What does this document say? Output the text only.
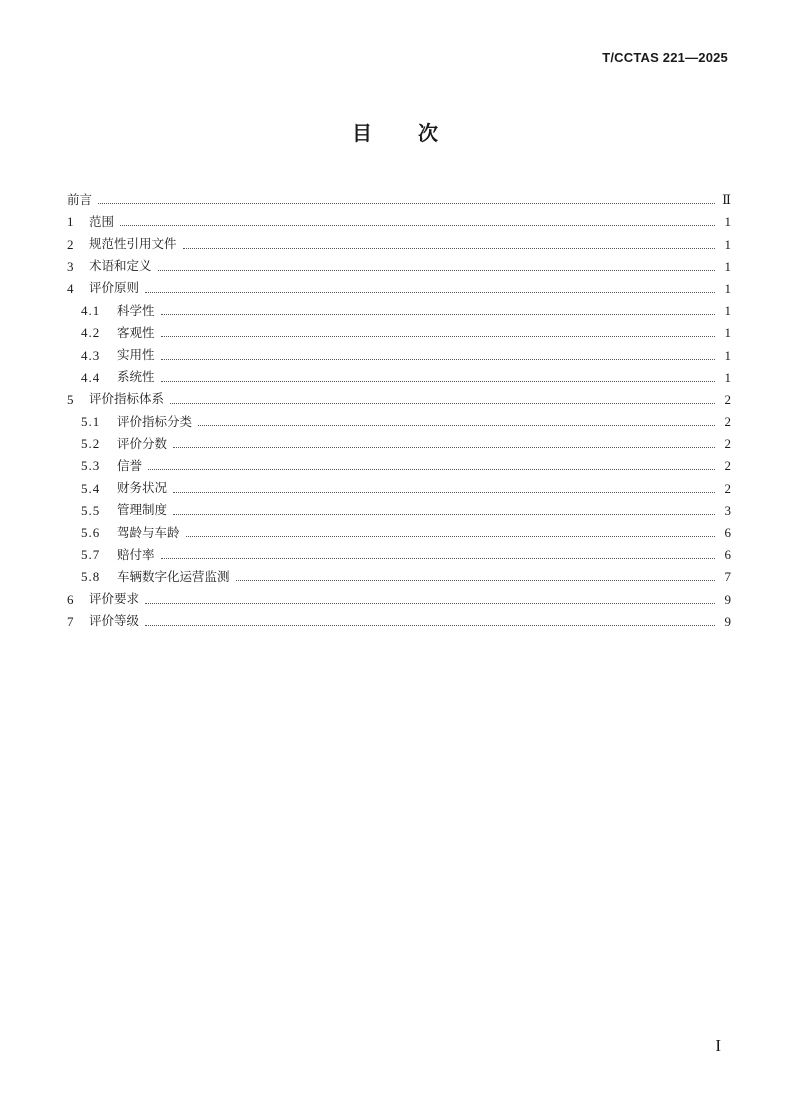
T/CCTAS 221—2025
目次
前言	Ⅱ
1	范围	1
2	规范性引用文件	1
3	术语和定义	1
4	评价原则	1
4.1	科学性	1
4.2	客观性	1
4.3	实用性	1
4.4	系统性	1
5	评价指标体系	2
5.1	评价指标分类	2
5.2	评价分数	2
5.3	信誉	2
5.4	财务状况	2
5.5	管理制度	3
5.6	驾龄与车龄	6
5.7	赔付率	6
5.8	车辆数字化运营监测	7
6	评价要求	9
7	评价等级	9
I
